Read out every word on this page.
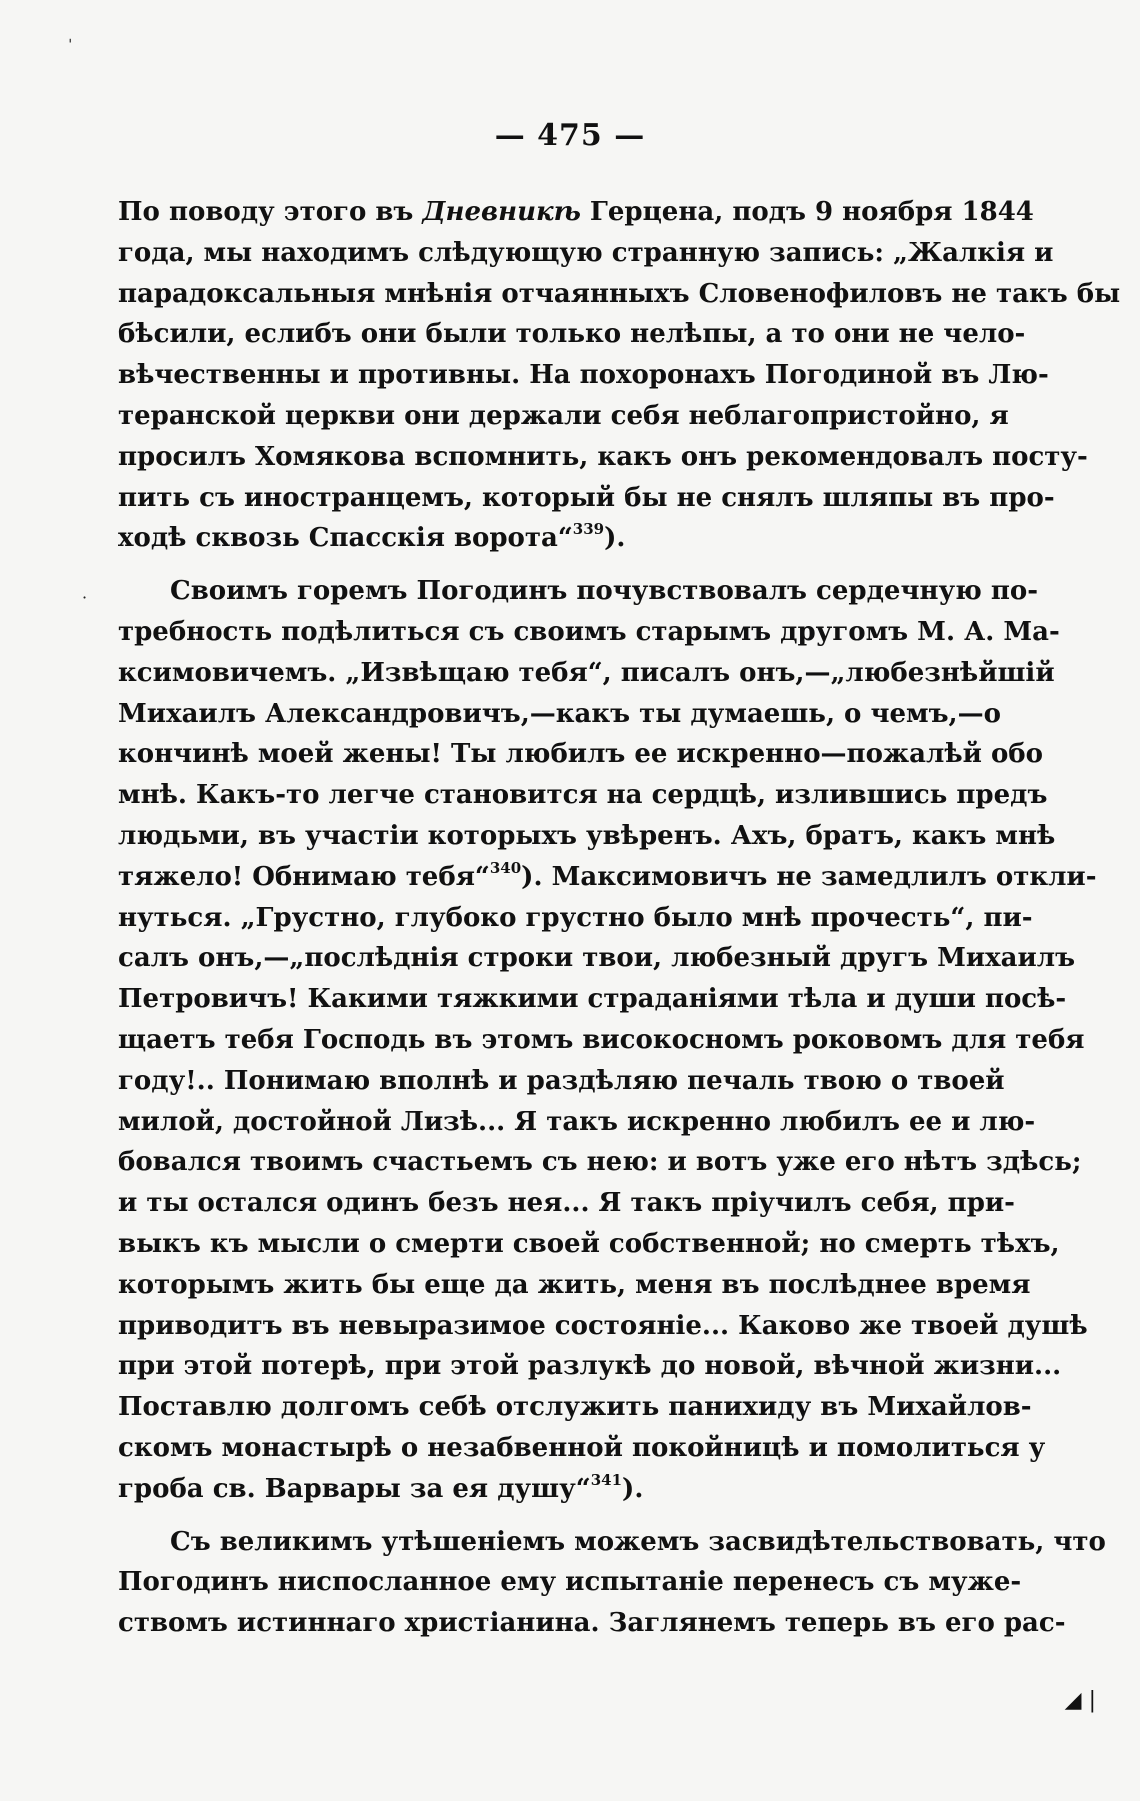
ˈ
·
— 475 —
По поводу этого въ Дневникѣ Герцена, подъ 9 ноября 1844
года, мы находимъ слѣдующую странную запись: „Жалкія и
парадоксальныя мнѣнія отчаянныхъ Словенофиловъ не такъ бы
бѣсили, еслибъ они были только нелѣпы, а то они не чело-
вѣчественны и противны. На похоронахъ Погодиной въ Лю-
теранской церкви они держали себя неблагопристойно, я
просилъ Хомякова вспомнить, какъ онъ рекомендовалъ посту-
пить съ иностранцемъ, который бы не снялъ шляпы въ про-
ходѣ сквозь Спасскія ворота“$^{339}$).
Своимъ горемъ Погодинъ почувствовалъ сердечную по-
требность подѣлиться съ своимъ старымъ другомъ М. А. Ма-
ксимовичемъ. „Извѣщаю тебя“, писалъ онъ,—„любезнѣйшій
Михаилъ Александровичъ,—какъ ты думаешь, о чемъ,—о
кончинѣ моей жены! Ты любилъ ее искренно—пожалѣй обо
мнѣ. Какъ-то легче становится на сердцѣ, излившись предъ
людьми, въ участіи которыхъ увѣренъ. Ахъ, братъ, какъ мнѣ
тяжело! Обнимаю тебя“$^{340}$). Максимовичъ не замедлилъ откли-
нуться. „Грустно, глубоко грустно было мнѣ прочесть“, пи-
салъ онъ,—„послѣднія строки твои, любезный другъ Михаилъ
Петровичъ! Какими тяжкими страданіями тѣла и души посѣ-
щаетъ тебя Господь въ этомъ високосномъ роковомъ для тебя
году!.. Понимаю вполнѣ и раздѣляю печаль твою о твоей
милой, достойной Лизѣ... Я такъ искренно любилъ ее и лю-
бовался твоимъ счастьемъ съ нею: и вотъ уже его нѣтъ здѣсь;
и ты остался одинъ безъ нея... Я такъ пріучилъ себя, при-
выкъ къ мысли о смерти своей собственной; но смерть тѣхъ,
которымъ жить бы еще да жить, меня въ послѣднее время
приводитъ въ невыразимое состояніе... Каково же твоей душѣ
при этой потерѣ, при этой разлукѣ до новой, вѣчной жизни...
Поставлю долгомъ себѣ отслужить панихиду въ Михайлов-
скомъ монастырѣ о незабвенной покойницѣ и помолиться у
гроба св. Варвары за ея душу“$^{341}$).
Съ великимъ утѣшеніемъ можемъ засвидѣтельствовать, что
Погодинъ ниспосланное ему испытаніе перенесъ съ муже-
ствомъ истиннаго христіанина. Заглянемъ теперь въ его рас-
◢ |
